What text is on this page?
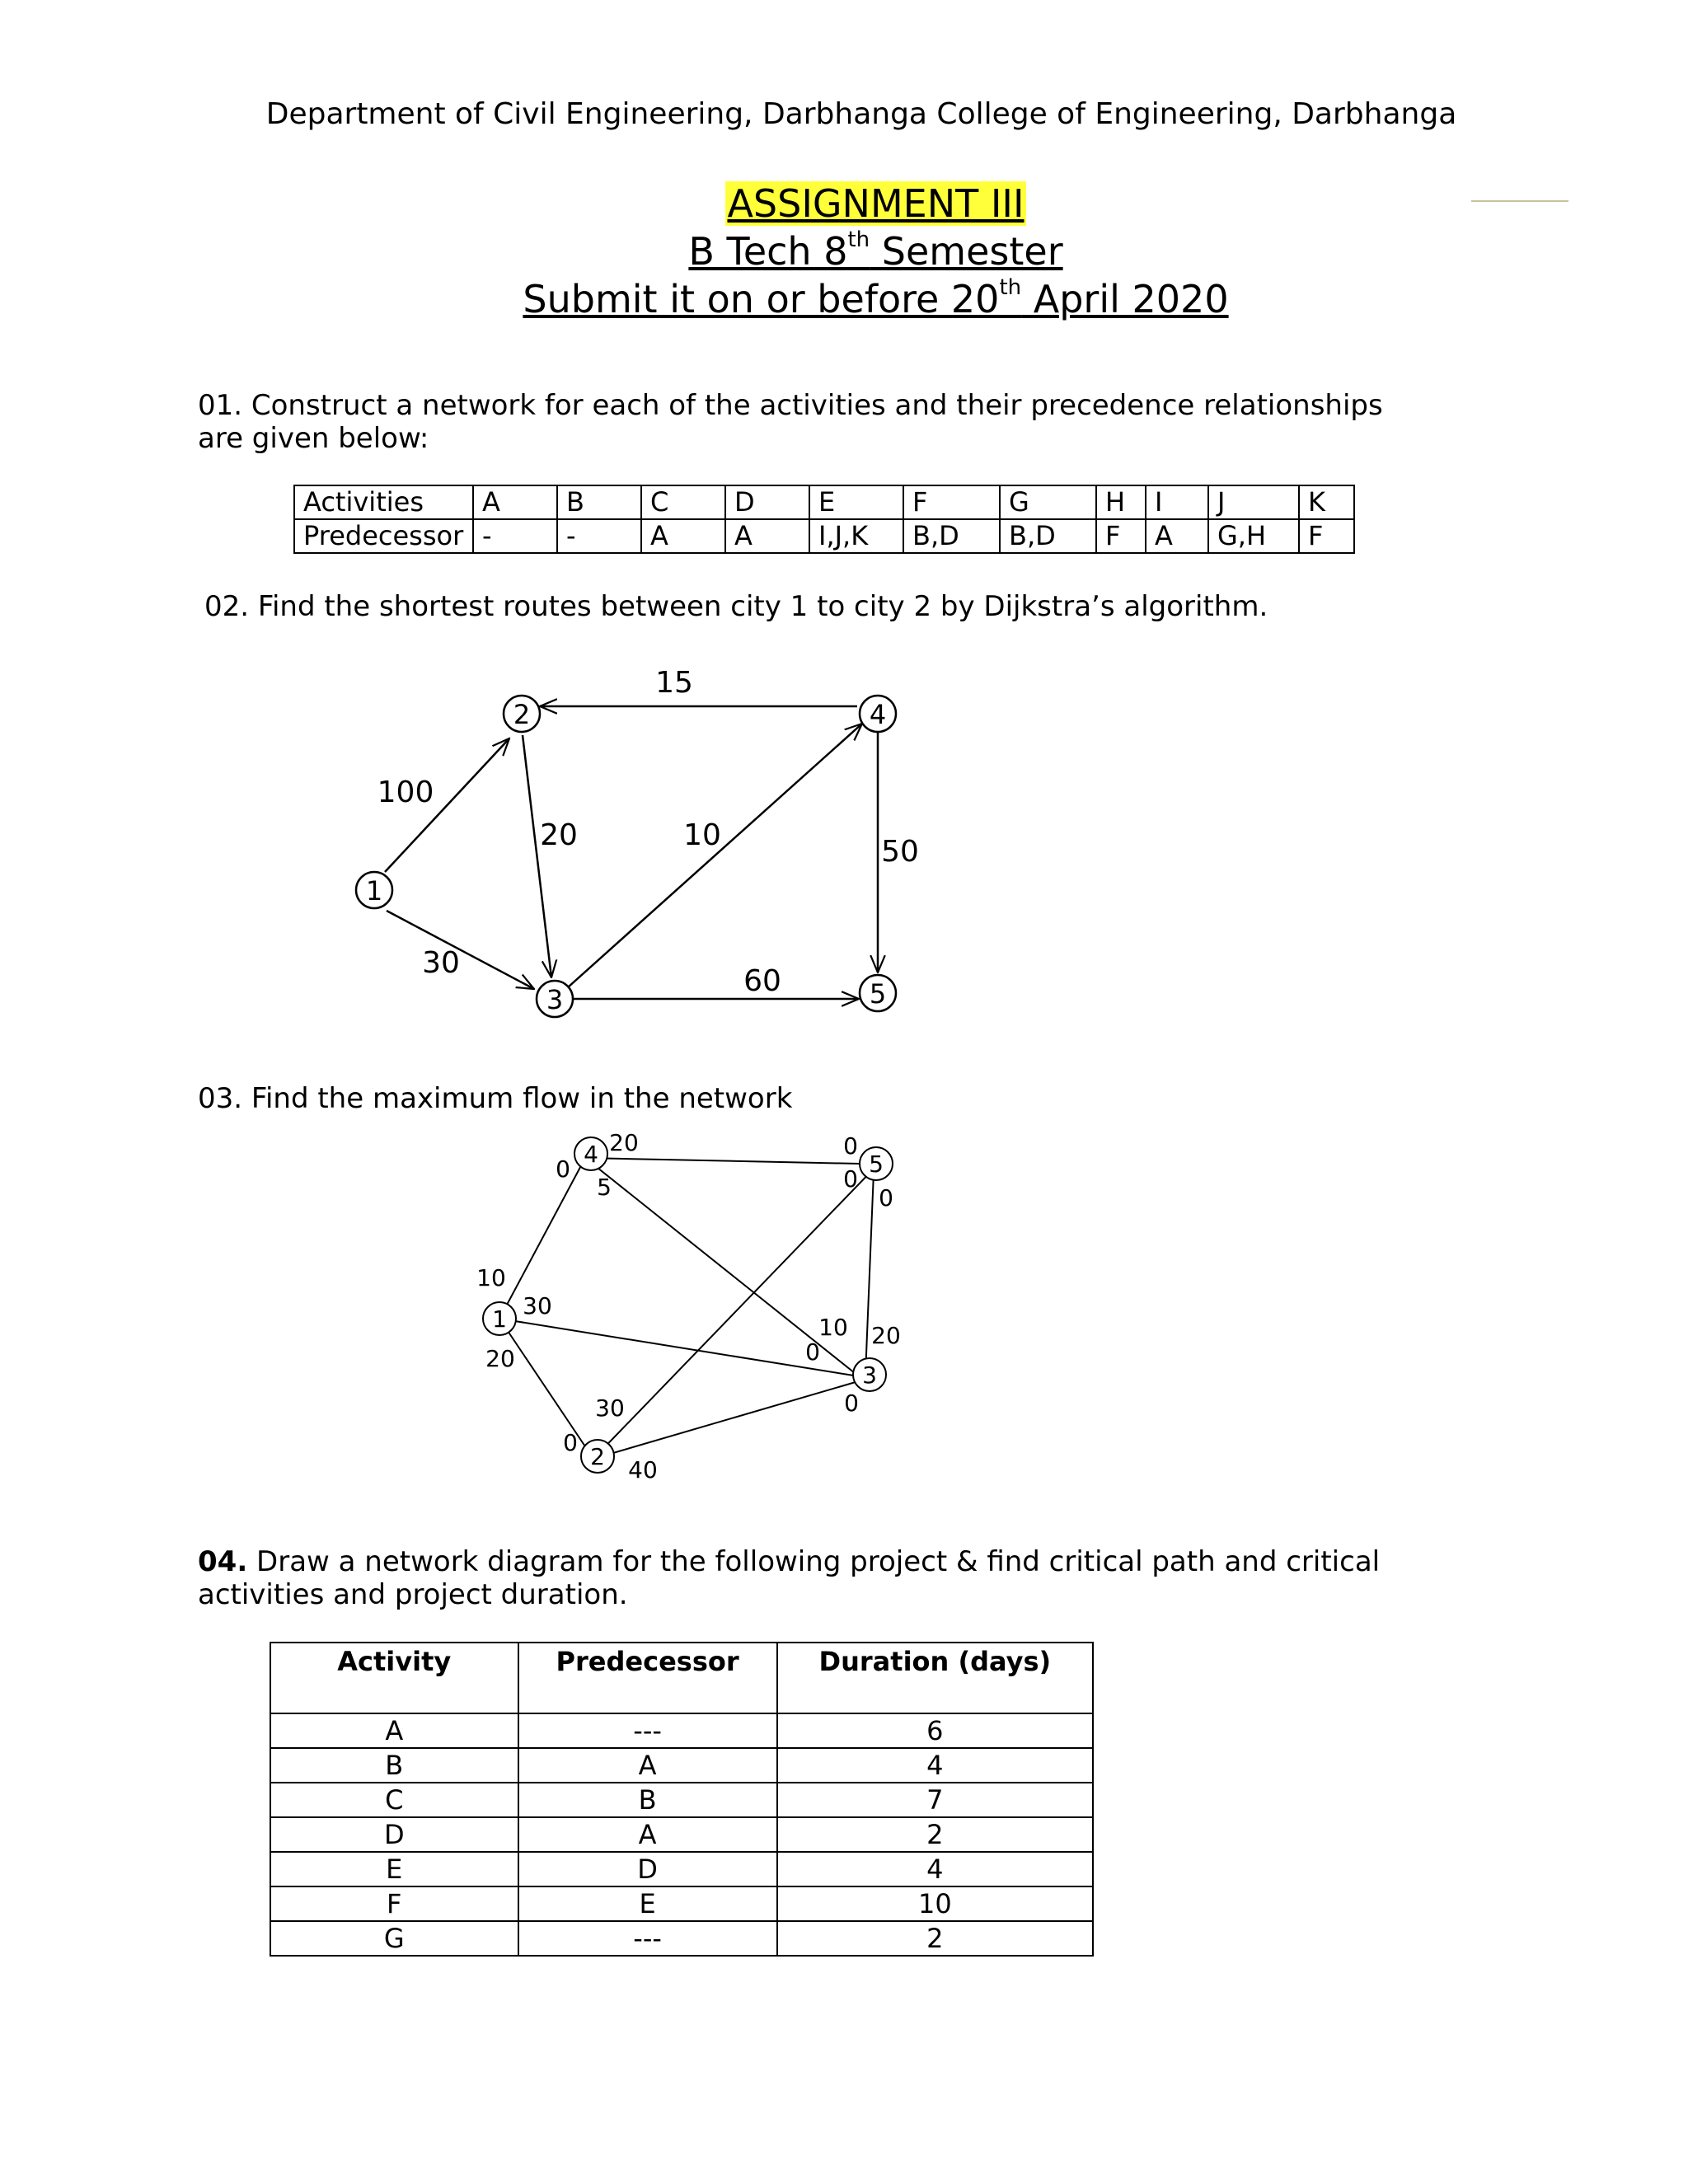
Department of Civil Engineering, Darbhanga College of Engineering, Darbhanga
ASSIGNMENT III
B Tech 8th Semester
Submit it on or before 20th April 2020
01. Construct a network for each of the activities and their precedence relationships are given below:
Activities	A	B	C	D	E	F	G	H	I	J	K
Predecessor	-	-	A	A	I,J,K	B,D	B,D	F	A	G,H	F
02. Find the shortest routes between city 1 to city 2 by Dijkstra’s algorithm.
1
2
3
4
5
100
30
20
15
10	50
60
03. Find the maximum flow in the network
1
2
3
4	5
20
0
5
0
0
0
10
30
20
10
0
20
0
30
0
40
04. Draw a network diagram for the following project & find critical path and critical activities and project duration.
Activity	Predecessor	Duration (days)
A	---	6
B	A	4
C	B	7
D	A	2
E	D	4
F	E	10
G	---	2
